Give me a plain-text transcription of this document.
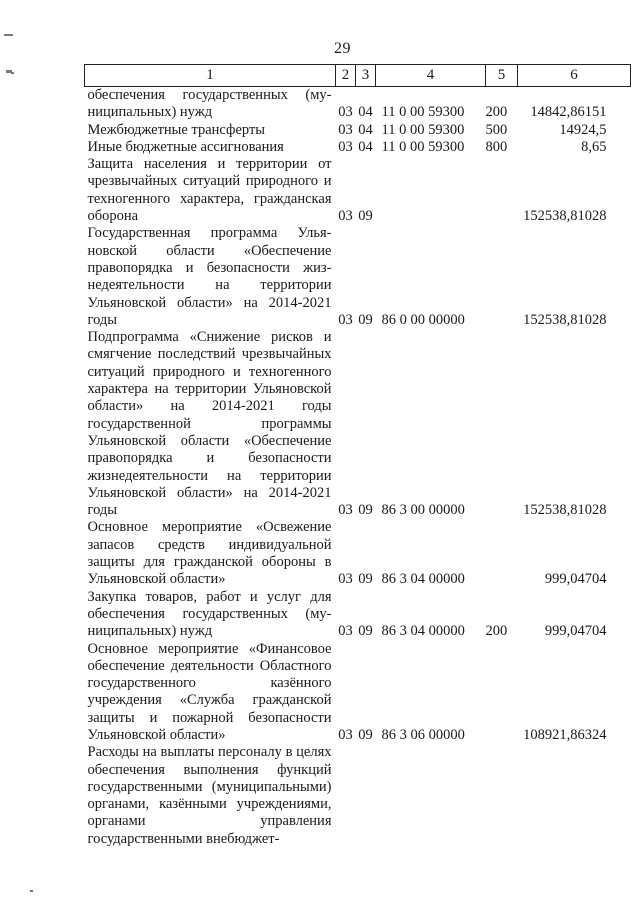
29
1	2	3	4	5	6
обеспечения государственных (муниципальных) нужд	03	04	11 0 00 59300	200	14842,86151
Межбюджетные трансферты	03	04	11 0 00 59300	500	14924,5
Иные бюджетные ассигнования	03	04	11 0 00 59300	800	8,65
Защита населения и территории от чрезвычайных ситуаций природного и техногенного характера, гражданская оборона	03	09			152538,81028
Государственная программа Ульяновской области «Обеспечение правопорядка и безопасности жизнедеятельности на территории Ульяновской области» на 2014-2021 годы	03	09	86 0 00 00000		152538,81028
Подпрограмма «Снижение рисков и смягчение последствий чрезвычайных ситуаций природного и техногенного характера на территории Ульяновской области» на 2014-2021 годы государственной программы Ульяновской области «Обеспечение правопорядка и безопасности жизнедеятельности на территории Ульяновской области» на 2014-2021 годы	03	09	86 3 00 00000		152538,81028
Основное мероприятие «Освежение запасов средств индивидуальной защиты для гражданской обороны в Ульяновской области»	03	09	86 3 04 00000		999,04704
Закупка товаров, работ и услуг для обеспечения государственных (муниципальных) нужд	03	09	86 3 04 00000	200	999,04704
Основное мероприятие «Финансовое обеспечение деятельности Областного государственного казённого учреждения «Служба гражданской защиты и пожарной безопасности Ульяновской области»	03	09	86 3 06 00000		108921,86324
Расходы на выплаты персоналу в целях обеспечения выполнения функций государственными (муниципальными) органами, казёнными учреждениями, органами управления государственными внебюджет-					
